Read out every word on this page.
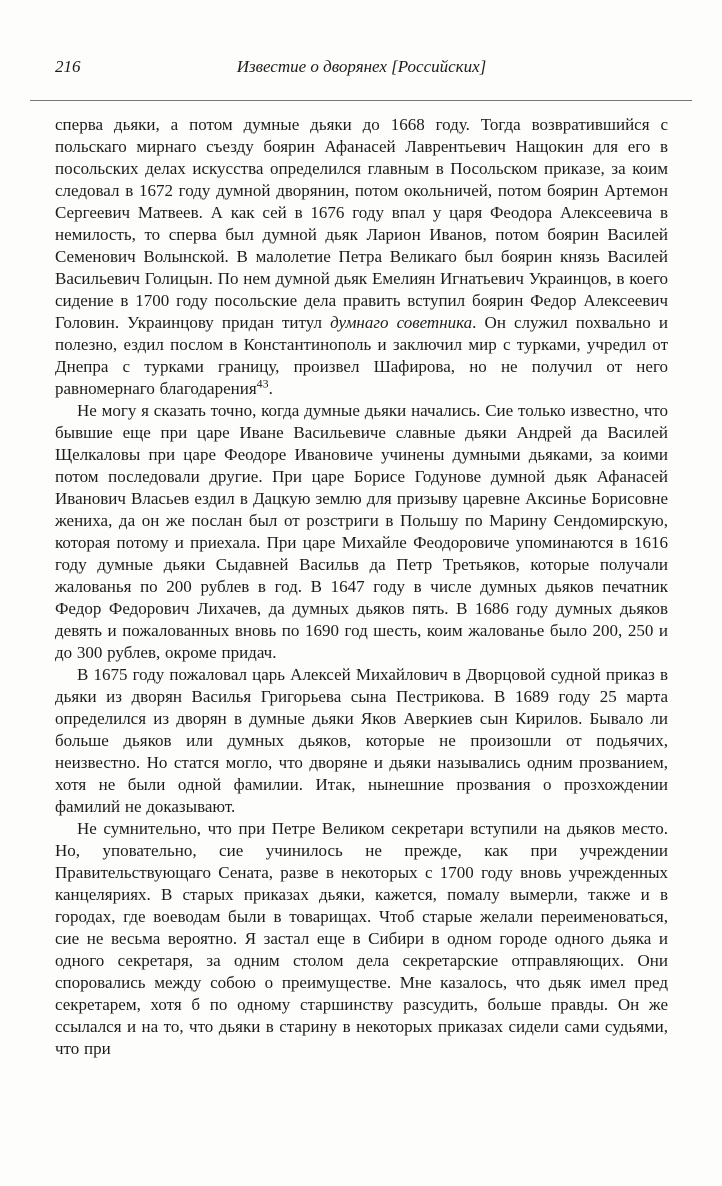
216	Известие о дворянех [Российских]

сперва дьяки, а потом думные дьяки до 1668 году. Тогда возвратившийся с польскаго мирнаго съезду боярин Афанасей Лаврентьевич Нащокин для его в посольских делах искусства определился главным в Посольском приказе, за коим следовал в 1672 году думной дворянин, потом окольничей, потом боярин Артемон Сергеевич Матвеев. А как сей в 1676 году впал у царя Феодора Алексеевича в немилость, то сперва был думной дьяк Ларион Иванов, потом боярин Василей Семенович Волынской. В малолетие Петра Великаго был боярин князь Василей Васильевич Голицын. По нем думной дьяк Емелиян Игнатьевич Украинцов, в коего сидение в 1700 году посольские дела править вступил боярин Федор Алексеевич Головин. Украинцову придан титул думнаго советника. Он служил похвально и полезно, ездил послом в Константинополь и заключил мир с турками, учредил от Днепра с турками границу, произвел Шафирова, но не получил от него равномернаго благодарения$^{43}$.

Не могу я сказать точно, когда думные дьяки начались. Сие только известно, что бывшие еще при царе Иване Васильевиче славные дьяки Андрей да Василей Щелкаловы при царе Феодоре Ивановиче учинены думными дьяками, за коими потом последовали другие. При царе Борисе Годунове думной дьяк Афанасей Иванович Власьев ездил в Дацкую землю для призыву царевне Аксинье Борисовне жениха, да он же послан был от розстриги в Польшу по Марину Сендомирскую, которая потому и приехала. При царе Михайле Феодоровиче упоминаются в 1616 году думные дьяки Сыдавней Васильв да Петр Третьяков, которые получали жалованья по 200 рублев в год. В 1647 году в числе думных дьяков печатник Федор Федорович Лихачев, да думных дьяков пять. В 1686 году думных дьяков девять и пожалованных вновь по 1690 год шесть, коим жалованье было 200, 250 и до 300 рублев, окроме придач.

В 1675 году пожаловал царь Алексей Михайлович в Дворцовой судной приказ в дьяки из дворян Василья Григорьева сына Пестрикова. В 1689 году 25 марта определился из дворян в думные дьяки Яков Аверкиев сын Кирилов. Бывало ли больше дьяков или думных дьяков, которые не произошли от подьячих, неизвестно. Но статся могло, что дворяне и дьяки назывались одним прозванием, хотя не были одной фамилии. Итак, нынешние прозвания о прозхождении фамилий не доказывают.

Не сумнительно, что при Петре Великом секретари вступили на дьяков место. Но, уповательно, сие учинилось не прежде, как при учреждении Правительствующаго Сената, разве в некоторых с 1700 году вновь учрежденных канцеляриях. В старых приказах дьяки, кажется, помалу вымерли, также и в городах, где воеводам были в товарищах. Чтоб старые желали переименоваться, сие не весьма вероятно. Я застал еще в Сибири в одном городе одного дьяка и одного секретаря, за одним столом дела секретарские отправляющих. Они споровались между собою о преимуществе. Мне казалось, что дьяк имел пред секретарем, хотя б по одному старшинству разсудить, больше правды. Он же ссылался и на то, что дьяки в старину в некоторых приказах сидели сами судьями, что при
